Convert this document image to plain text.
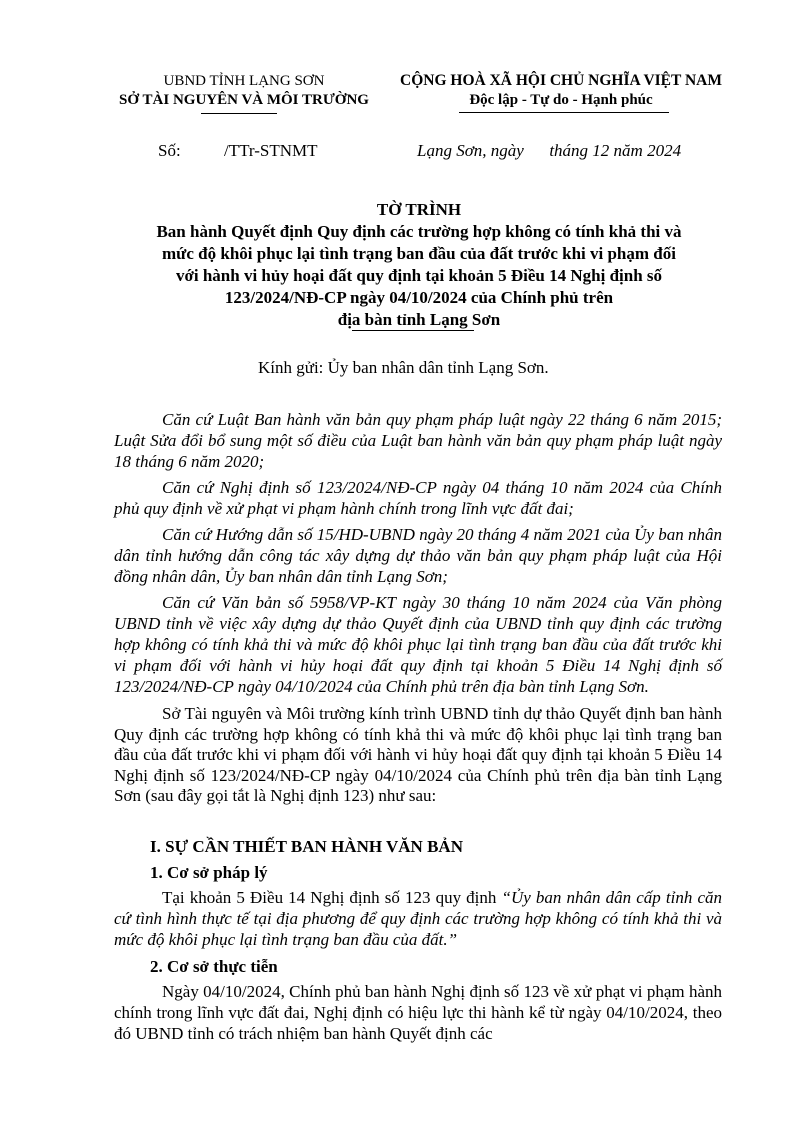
UBND TỈNH LẠNG SƠN
SỞ TÀI NGUYÊN VÀ MÔI TRƯỜNG
CỘNG HOÀ XÃ HỘI CHỦ NGHĨA VIỆT NAM
Độc lập - Tự do - Hạnh phúc
Số:	/TTr-STNMT	Lạng Sơn, ngày      tháng 12 năm 2024
TỜ TRÌNH
Ban hành Quyết định Quy định các trường hợp không có tính khả thi và
mức độ khôi phục lại tình trạng ban đầu của đất trước khi vi phạm đối
với hành vi hủy hoại đất quy định tại khoản 5 Điều 14 Nghị định số
123/2024/NĐ-CP ngày 04/10/2024 của Chính phủ trên
địa bàn tỉnh Lạng Sơn
Kính gửi: Ủy ban nhân dân tỉnh Lạng Sơn.
Căn cứ Luật Ban hành văn bản quy phạm pháp luật ngày 22 tháng 6 năm 2015; Luật Sửa đổi bổ sung một số điều của Luật ban hành văn bản quy phạm pháp luật ngày 18 tháng 6 năm 2020;
Căn cứ Nghị định số 123/2024/NĐ-CP ngày 04 tháng 10 năm 2024 của Chính phủ quy định về xử phạt vi phạm hành chính trong lĩnh vực đất đai;
Căn cứ Hướng dẫn số 15/HD-UBND ngày 20 tháng 4 năm 2021 của Ủy ban nhân dân tỉnh hướng dẫn công tác xây dựng dự thảo văn bản quy phạm pháp luật của Hội đồng nhân dân, Ủy ban nhân dân tỉnh Lạng Sơn;
Căn cứ Văn bản số 5958/VP-KT ngày 30 tháng 10 năm 2024 của Văn phòng UBND tỉnh về việc xây dựng dự thảo Quyết định của UBND tỉnh quy định các trường hợp không có tính khả thi và mức độ khôi phục lại tình trạng ban đầu của đất trước khi vi phạm đối với hành vi hủy hoại đất quy định tại khoản 5 Điều 14 Nghị định số 123/2024/NĐ-CP ngày 04/10/2024 của Chính phủ trên địa bàn tỉnh Lạng Sơn.
Sở Tài nguyên và Môi trường kính trình UBND tỉnh dự thảo Quyết định ban hành Quy định các trường hợp không có tính khả thi và mức độ khôi phục lại tình trạng ban đầu của đất trước khi vi phạm đối với hành vi hủy hoại đất quy định tại khoản 5 Điều 14 Nghị định số 123/2024/NĐ-CP ngày 04/10/2024 của Chính phủ trên địa bàn tỉnh Lạng Sơn (sau đây gọi tắt là Nghị định 123) như sau:
I. SỰ CẦN THIẾT BAN HÀNH VĂN BẢN
1. Cơ sở pháp lý
Tại khoản 5 Điều 14 Nghị định số 123 quy định “Ủy ban nhân dân cấp tỉnh căn cứ tình hình thực tế tại địa phương để quy định các trường hợp không có tính khả thi và mức độ khôi phục lại tình trạng ban đầu của đất.”
2. Cơ sở thực tiễn
Ngày 04/10/2024, Chính phủ ban hành Nghị định số 123 về xử phạt vi phạm hành chính trong lĩnh vực đất đai, Nghị định có hiệu lực thi hành kể từ ngày 04/10/2024, theo đó UBND tỉnh có trách nhiệm ban hành Quyết định các
